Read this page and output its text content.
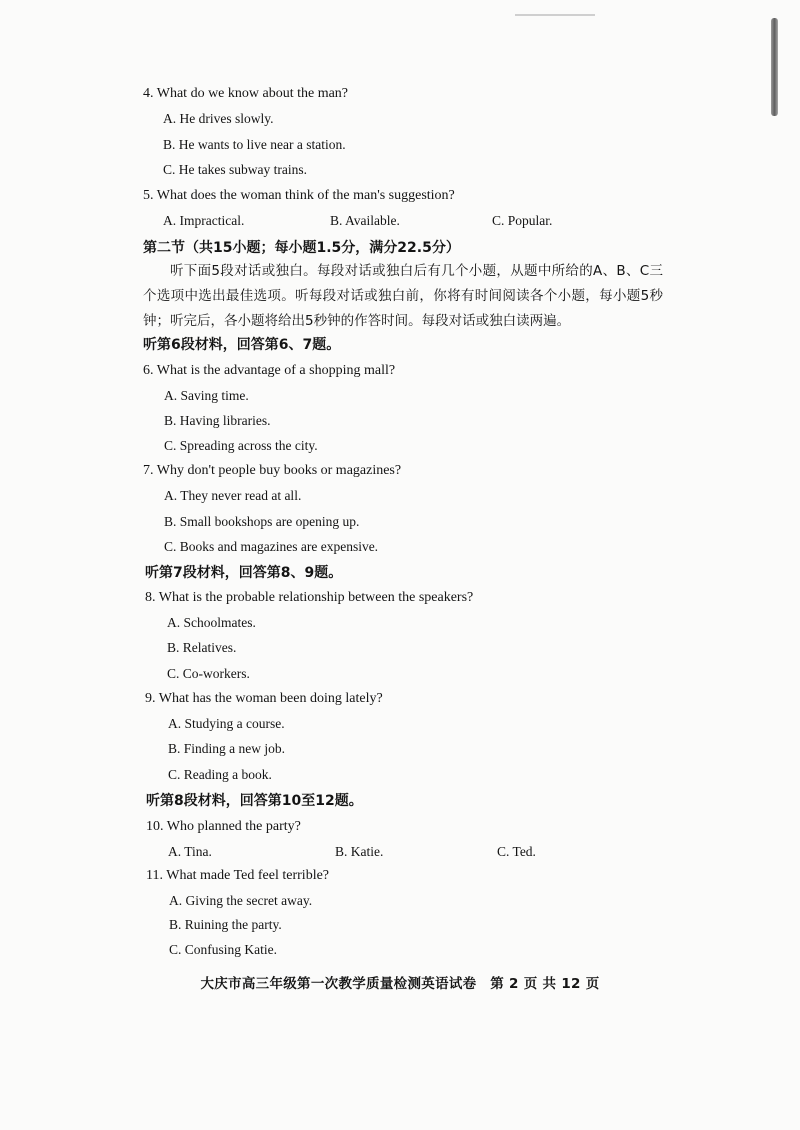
4. What do we know about the man?
A. He drives slowly.
B. He wants to live near a station.
C. He takes subway trains.
5. What does the woman think of the man's suggestion?
A. Impractical.	B. Available.	C. Popular.
第二节（共15小题；每小题1.5分，满分22.5分）
听下面5段对话或独白。每段对话或独白后有几个小题，从题中所给的A、B、C三个选项中选出最佳选项。听每段对话或独白前，你将有时间阅读各个小题，每小题5秒钟；听完后，各小题将给出5秒钟的作答时间。每段对话或独白读两遍。
听第6段材料，回答第6、7题。
6. What is the advantage of a shopping mall?
A. Saving time.
B. Having libraries.
C. Spreading across the city.
7. Why don't people buy books or magazines?
A. They never read at all.
B. Small bookshops are opening up.
C. Books and magazines are expensive.
听第7段材料，回答第8、9题。
8. What is the probable relationship between the speakers?
A. Schoolmates.
B. Relatives.
C. Co-workers.
9. What has the woman been doing lately?
A. Studying a course.
B. Finding a new job.
C. Reading a book.
听第8段材料，回答第10至12题。
10. Who planned the party?
A. Tina.	B. Katie.	C. Ted.
11. What made Ted feel terrible?
A. Giving the secret away.
B. Ruining the party.
C. Confusing Katie.
大庆市高三年级第一次教学质量检测英语试卷　第 2 页 共 12 页
